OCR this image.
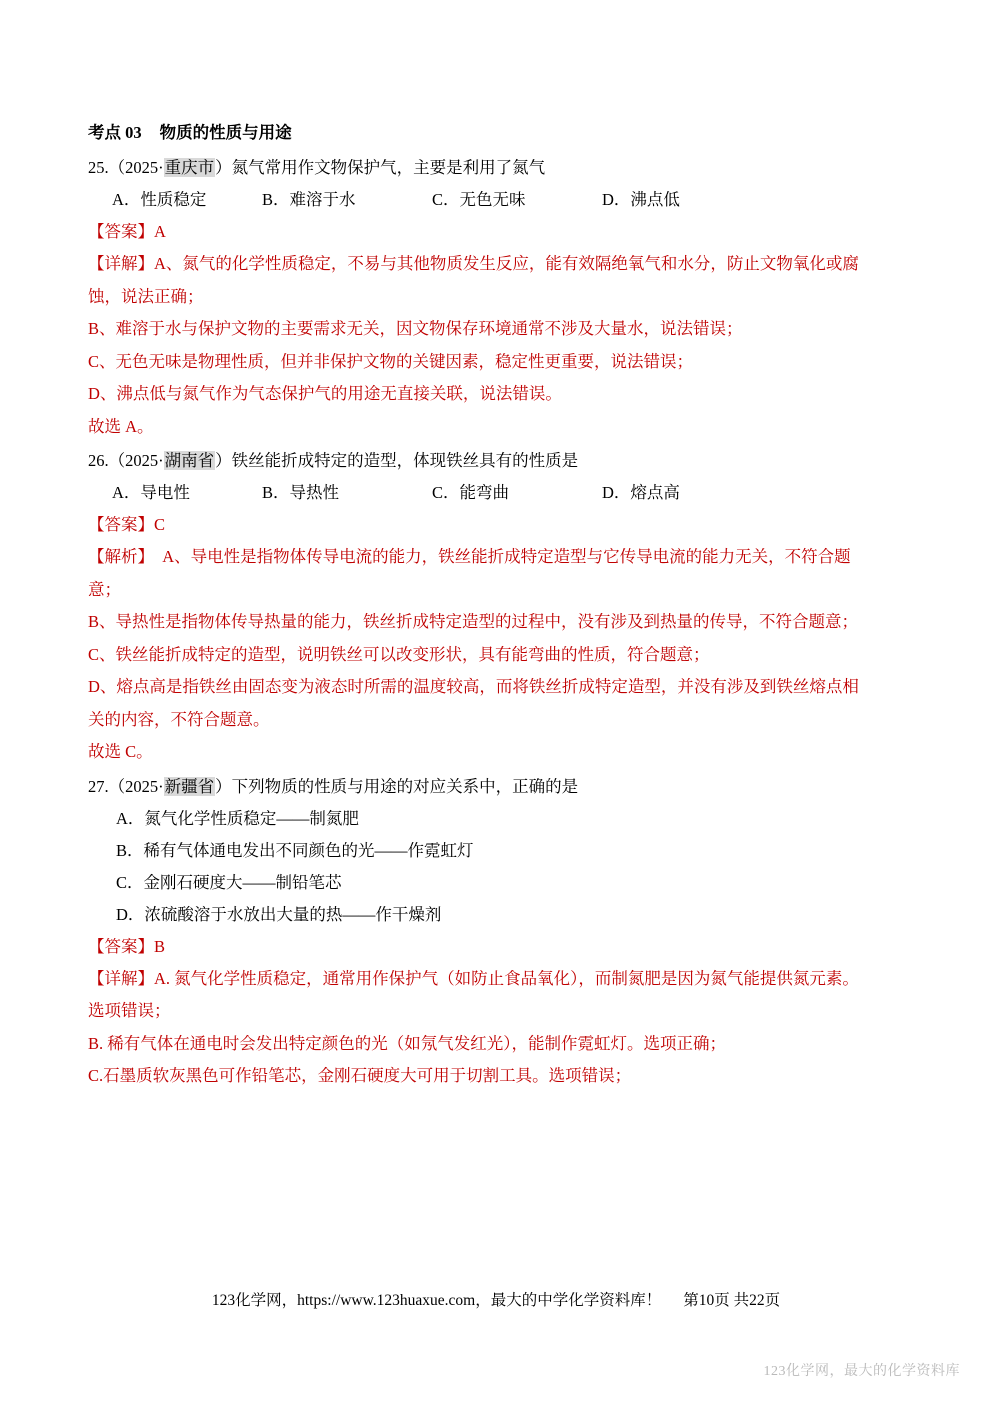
考点 03 物质的性质与用途
25.（2025·重庆市）氮气常用作文物保护气，主要是利用了氮气
A．性质稳定	B．难溶于水	C．无色无味	D．沸点低
【答案】A
【详解】A、氮气的化学性质稳定，不易与其他物质发生反应，能有效隔绝氧气和水分，防止文物氧化或腐
蚀，说法正确；
B、难溶于水与保护文物的主要需求无关，因文物保存环境通常不涉及大量水，说法错误；
C、无色无味是物理性质，但并非保护文物的关键因素，稳定性更重要，说法错误；
D、沸点低与氮气作为气态保护气的用途无直接关联，说法错误。
故选 A。
26.（2025·湖南省）铁丝能折成特定的造型，体现铁丝具有的性质是
A．导电性	B．导热性	C．能弯曲	D．熔点高
【答案】C
【解析】　A、导电性是指物体传导电流的能力，铁丝能折成特定造型与它传导电流的能力无关，不符合题
意；
B、导热性是指物体传导热量的能力，铁丝折成特定造型的过程中，没有涉及到热量的传导，不符合题意；
C、铁丝能折成特定的造型，说明铁丝可以改变形状，具有能弯曲的性质，符合题意；
D、熔点高是指铁丝由固态变为液态时所需的温度较高，而将铁丝折成特定造型，并没有涉及到铁丝熔点相
关的内容，不符合题意。
故选 C。
27.（2025·新疆省）下列物质的性质与用途的对应关系中，正确的是
A．氮气化学性质稳定——制氮肥
B．稀有气体通电发出不同颜色的光——作霓虹灯
C．金刚石硬度大——制铅笔芯
D．浓硫酸溶于水放出大量的热——作干燥剂
【答案】B
【详解】A. 氮气化学性质稳定，通常用作保护气（如防止食品氧化），而制氮肥是因为氮气能提供氮元素。
选项错误；
B. 稀有气体在通电时会发出特定颜色的光（如氖气发红光），能制作霓虹灯。选项正确；
C.石墨质软灰黑色可作铅笔芯，金刚石硬度大可用于切割工具。选项错误；
123化学网，https://www.123huaxue.com，最大的中学化学资料库！ 第10页 共22页
123化学网，最大的化学资料库
